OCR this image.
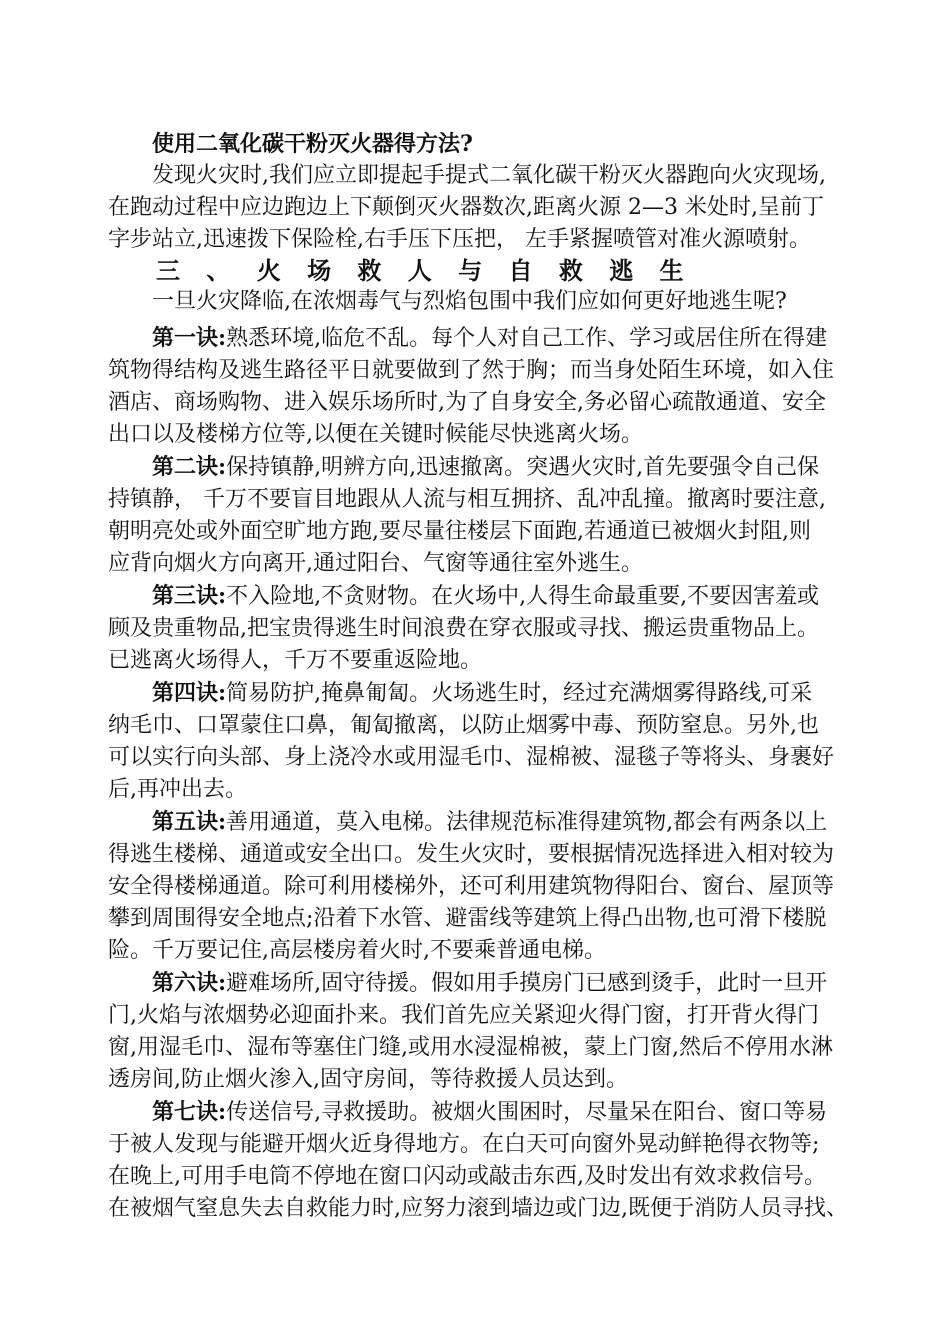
使用二氧化碳干粉灭火器得方法?
发现火灾时,我们应立即提起手提式二氧化碳干粉灭火器跑向火灾现场,
在跑动过程中应边跑边上下颠倒灭火器数次,距离火源 2—3 米处时,呈前丁
字步站立,迅速拨下保险栓,右手压下压把， 左手紧握喷管对准火源喷射。
三 、 火 场 救 人 与 自 救 逃 生
一旦火灾降临,在浓烟毒气与烈焰包围中我们应如何更好地逃生呢?
第一诀:熟悉环境,临危不乱。每个人对自己工作、学习或居住所在得建
筑物得结构及逃生路径平日就要做到了然于胸；而当身处陌生环境，如入住
酒店、商场购物、进入娱乐场所时,为了自身安全,务必留心疏散通道、安全
出口以及楼梯方位等,以便在关键时候能尽快逃离火场。
第二诀:保持镇静,明辨方向,迅速撤离。突遇火灾时,首先要强令自己保
持镇静， 千万不要盲目地跟从人流与相互拥挤、乱冲乱撞。撤离时要注意,
朝明亮处或外面空旷地方跑,要尽量往楼层下面跑,若通道已被烟火封阻,则
应背向烟火方向离开,通过阳台、气窗等通往室外逃生。
第三诀:不入险地,不贪财物。在火场中,人得生命最重要,不要因害羞或
顾及贵重物品,把宝贵得逃生时间浪费在穿衣服或寻找、搬运贵重物品上。
已逃离火场得人，千万不要重返险地。
第四诀:简易防护,掩鼻匍匐。火场逃生时，经过充满烟雾得路线,可采
纳毛巾、口罩蒙住口鼻，匍匐撤离，以防止烟雾中毒、预防窒息。另外,也
可以实行向头部、身上浇冷水或用湿毛巾、湿棉被、湿毯子等将头、身裹好
后,再冲出去。
第五诀:善用通道，莫入电梯。法律规范标准得建筑物,都会有两条以上
得逃生楼梯、通道或安全出口。发生火灾时，要根据情况选择进入相对较为
安全得楼梯通道。除可利用楼梯外，还可利用建筑物得阳台、窗台、屋顶等
攀到周围得安全地点;沿着下水管、避雷线等建筑上得凸出物,也可滑下楼脱
险。千万要记住,高层楼房着火时,不要乘普通电梯。
第六诀:避难场所,固守待援。假如用手摸房门已感到烫手，此时一旦开
门,火焰与浓烟势必迎面扑来。我们首先应关紧迎火得门窗，打开背火得门
窗,用湿毛巾、湿布等塞住门缝,或用水浸湿棉被，蒙上门窗,然后不停用水淋
透房间,防止烟火渗入,固守房间，等待救援人员达到。
第七诀:传送信号,寻救援助。被烟火围困时，尽量呆在阳台、窗口等易
于被人发现与能避开烟火近身得地方。在白天可向窗外晃动鲜艳得衣物等;
在晚上,可用手电筒不停地在窗口闪动或敲击东西,及时发出有效求救信号。
在被烟气窒息失去自救能力时,应努力滚到墙边或门边,既便于消防人员寻找、
